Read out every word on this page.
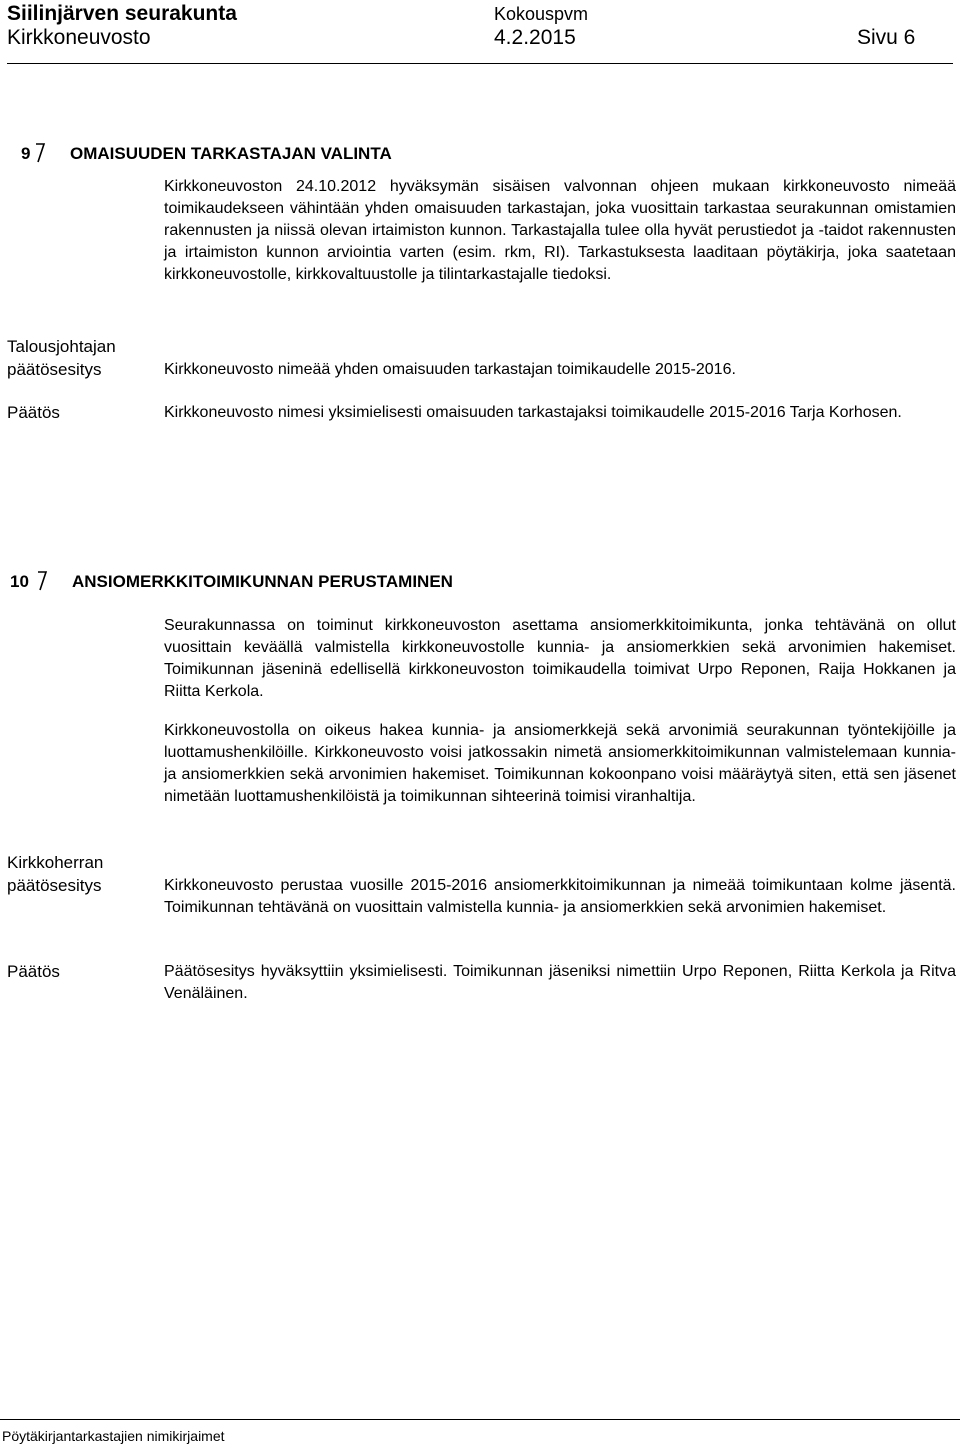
Siilinjärven seurakunta
Kirkkoneuvosto
Kokouspvm
4.2.2015	Sivu 6
9 OMAISUUDEN TARKASTAJAN VALINTA

Kirkkoneuvoston 24.10.2012 hyväksymän sisäisen valvonnan ohjeen mukaan kirkkoneuvosto nimeää toimikaudekseen vähintään yhden omaisuuden tarkastajan, joka vuosittain tarkastaa seurakunnan omistamien rakennusten ja niissä olevan irtaimiston kunnon. Tarkastajalla tulee olla hyvät perustiedot ja -taidot rakennusten ja irtaimiston kunnon arviointia varten (esim. rkm, RI). Tarkastuksesta laaditaan pöytäkirja, joka saatetaan kirkkoneuvostolle, kirkkovaltuustolle ja tilintarkastajalle tiedoksi.

Talousjohtajan
päätösesitys	Kirkkoneuvosto nimeää yhden omaisuuden tarkastajan toimikaudelle 2015-2016.

Päätös	Kirkkoneuvosto nimesi yksimielisesti omaisuuden tarkastajaksi toimikaudelle 2015-2016 Tarja Korhosen.

10	ANSIOMERKKITOIMIKUNNAN PERUSTAMINEN

Seurakunnassa on toiminut kirkkoneuvoston asettama ansiomerkkitoimikunta, jonka tehtävänä on ollut vuosittain keväällä valmistella kirkkoneuvostolle kunnia- ja ansiomerkkien sekä arvonimien hakemiset. Toimikunnan jäseninä edellisellä kirkkoneuvoston toimikaudella toimivat Urpo Reponen, Raija Hokkanen ja Riitta Kerkola.

Kirkkoneuvostolla on oikeus hakea kunnia- ja ansiomerkkejä sekä arvonimiä seurakunnan työntekijöille ja luottamushenkilöille. Kirkkoneuvosto voisi jatkossakin nimetä ansiomerkkitoimikunnan valmistelemaan kunnia- ja ansiomerkkien sekä arvonimien hakemiset. Toimikunnan kokoonpano voisi määräytyä siten, että sen jäsenet nimetään luottamushenkilöistä ja toimikunnan sihteerinä toimisi viranhaltija.

Kirkkoherran
päätösesitys	Kirkkoneuvosto perustaa vuosille 2015-2016 ansiomerkkitoimikunnan ja nimeää toimikuntaan kolme jäsentä. Toimikunnan tehtävänä on vuosittain valmistella kunnia- ja ansiomerkkien sekä arvonimien hakemiset.

Päätös	Päätösesitys hyväksyttiin yksimielisesti. Toimikunnan jäseniksi nimettiin Urpo Reponen, Riitta Kerkola ja Ritva Venäläinen.

Pöytäkirjantarkastajien nimikirjaimet
